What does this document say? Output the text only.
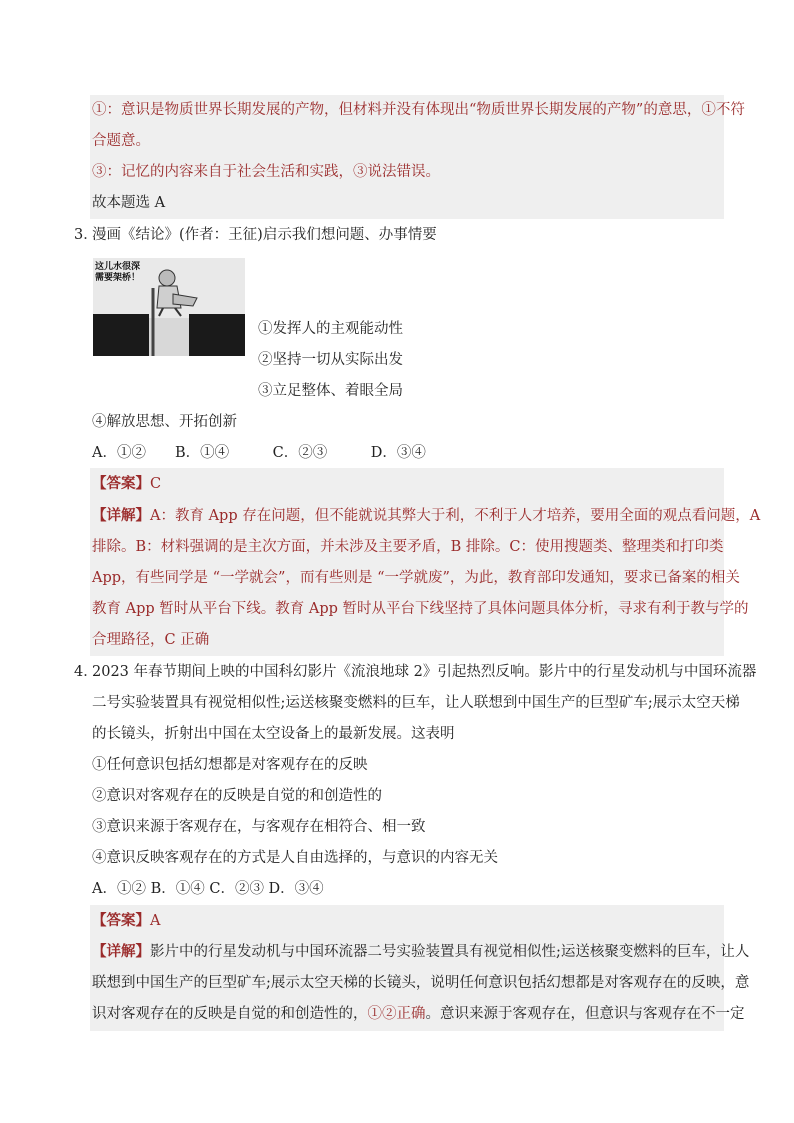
①：意识是物质世界长期发展的产物，但材料并没有体现出“物质世界长期发展的产物”的意思，①不符
合题意。
③：记忆的内容来自于社会生活和实践，③说法错误。
故本题选 A
3．
漫画《结论》(作者：王征)启示我们想问题、办事情要
这儿水很深
需要架桥！
①发挥人的主观能动性
②坚持一切从实际出发
③立足整体、着眼全局
④解放思想、开拓创新
A．①②　　B．①④　　　C．②③　　　D．③④
【答案】C
【详解】A：教育 App 存在问题，但不能就说其弊大于利，不利于人才培养，要用全面的观点看问题，A
排除。B：材料强调的是主次方面，并未涉及主要矛盾，B 排除。C：使用搜题类、整理类和打印类
App，有些同学是 “一学就会”，而有些则是 “一学就废”，为此，教育部印发通知，要求已备案的相关
教育 App 暂时从平台下线。教育 App 暂时从平台下线坚持了具体问题具体分析，寻求有利于教与学的
合理路径，C 正确
4．
2023 年春节期间上映的中国科幻影片《流浪地球 2》引起热烈反响。影片中的行星发动机与中国环流器
二号实验装置具有视觉相似性;运送核聚变燃料的巨车，让人联想到中国生产的巨型矿车;展示太空天梯
的长镜头，折射出中国在太空设备上的最新发展。这表明
①任何意识包括幻想都是对客观存在的反映
②意识对客观存在的反映是自觉的和创造性的
③意识来源于客观存在，与客观存在相符合、相一致
④意识反映客观存在的方式是人自由选择的，与意识的内容无关
A．①② B．①④ C．②③ D．③④
【答案】A
【详解】影片中的行星发动机与中国环流器二号实验装置具有视觉相似性;运送核聚变燃料的巨车，让人
联想到中国生产的巨型矿车;展示太空天梯的长镜头，说明任何意识包括幻想都是对客观存在的反映，意
识对客观存在的反映是自觉的和创造性的，①②正确。意识来源于客观存在，但意识与客观存在不一定
